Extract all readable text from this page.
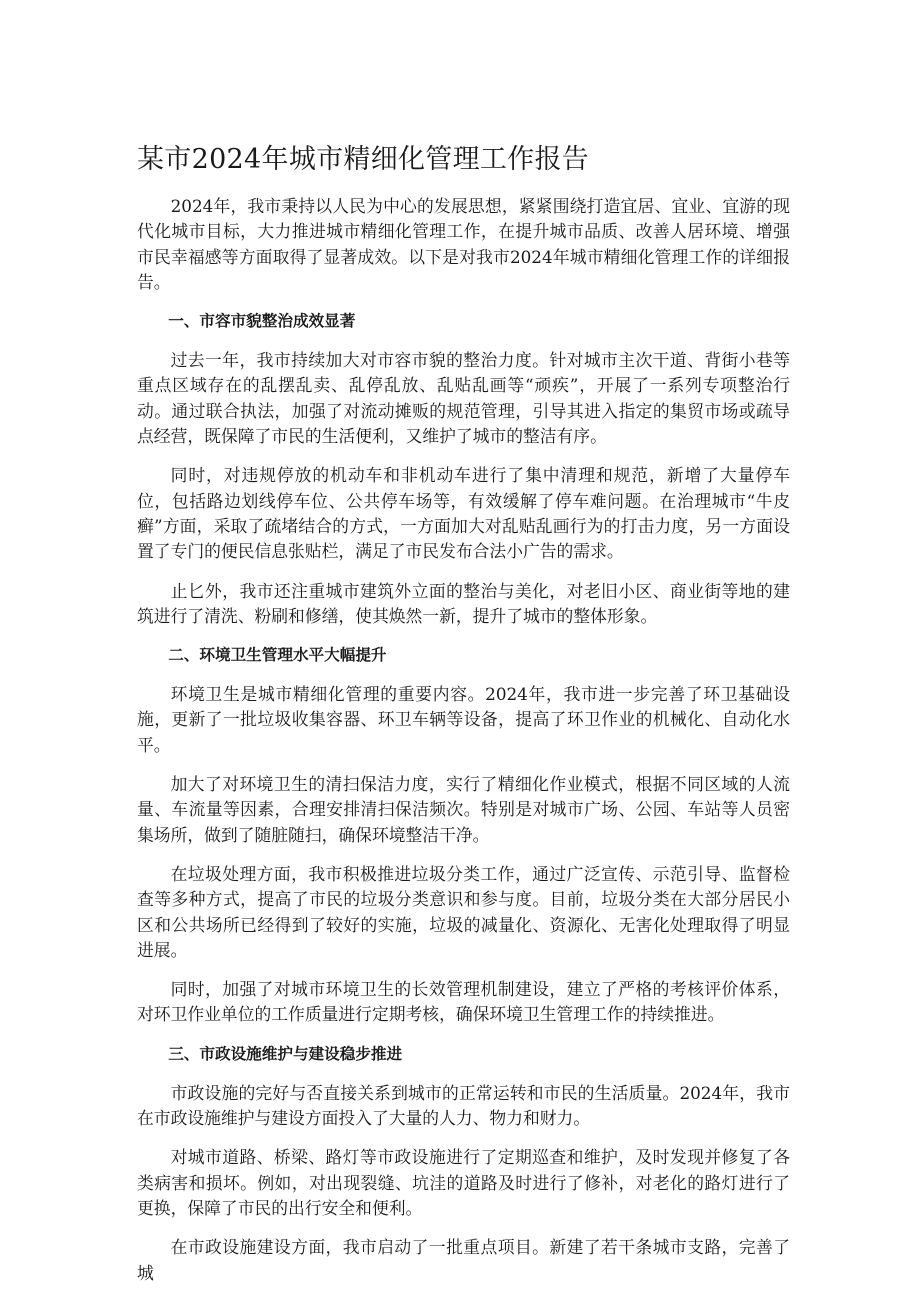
某市2024年城市精细化管理工作报告

2024年，我市秉持以人民为中心的发展思想，紧紧围绕打造宜居、宜业、宜游的现代化城市目标，大力推进城市精细化管理工作，在提升城市品质、改善人居环境、增强市民幸福感等方面取得了显著成效。以下是对我市2024年城市精细化管理工作的详细报告。

一、市容市貌整治成效显著

过去一年，我市持续加大对市容市貌的整治力度。针对城市主次干道、背街小巷等重点区域存在的乱摆乱卖、乱停乱放、乱贴乱画等“顽疾”，开展了一系列专项整治行动。通过联合执法，加强了对流动摊贩的规范管理，引导其进入指定的集贸市场或疏导点经营，既保障了市民的生活便利，又维护了城市的整洁有序。

同时，对违规停放的机动车和非机动车进行了集中清理和规范，新增了大量停车位，包括路边划线停车位、公共停车场等，有效缓解了停车难问题。在治理城市“牛皮癣”方面，采取了疏堵结合的方式，一方面加大对乱贴乱画行为的打击力度，另一方面设置了专门的便民信息张贴栏，满足了市民发布合法小广告的需求。

止匕外，我市还注重城市建筑外立面的整治与美化，对老旧小区、商业街等地的建筑进行了清洗、粉刷和修缮，使其焕然一新，提升了城市的整体形象。

二、环境卫生管理水平大幅提升

环境卫生是城市精细化管理的重要内容。2024年，我市进一步完善了环卫基础设施，更新了一批垃圾收集容器、环卫车辆等设备，提高了环卫作业的机械化、自动化水平。

加大了对环境卫生的清扫保洁力度，实行了精细化作业模式，根据不同区域的人流量、车流量等因素，合理安排清扫保洁频次。特别是对城市广场、公园、车站等人员密集场所，做到了随脏随扫，确保环境整洁干净。

在垃圾处理方面，我市积极推进垃圾分类工作，通过广泛宣传、示范引导、监督检查等多种方式，提高了市民的垃圾分类意识和参与度。目前，垃圾分类在大部分居民小区和公共场所已经得到了较好的实施，垃圾的减量化、资源化、无害化处理取得了明显进展。

同时，加强了对城市环境卫生的长效管理机制建设，建立了严格的考核评价体系，对环卫作业单位的工作质量进行定期考核，确保环境卫生管理工作的持续推进。

三、市政设施维护与建设稳步推进

市政设施的完好与否直接关系到城市的正常运转和市民的生活质量。2024年，我市在市政设施维护与建设方面投入了大量的人力、物力和财力。

对城市道路、桥梁、路灯等市政设施进行了定期巡查和维护，及时发现并修复了各类病害和损坏。例如，对出现裂缝、坑洼的道路及时进行了修补，对老化的路灯进行了更换，保障了市民的出行安全和便利。

在市政设施建设方面，我市启动了一批重点项目。新建了若干条城市支路，完善了城
